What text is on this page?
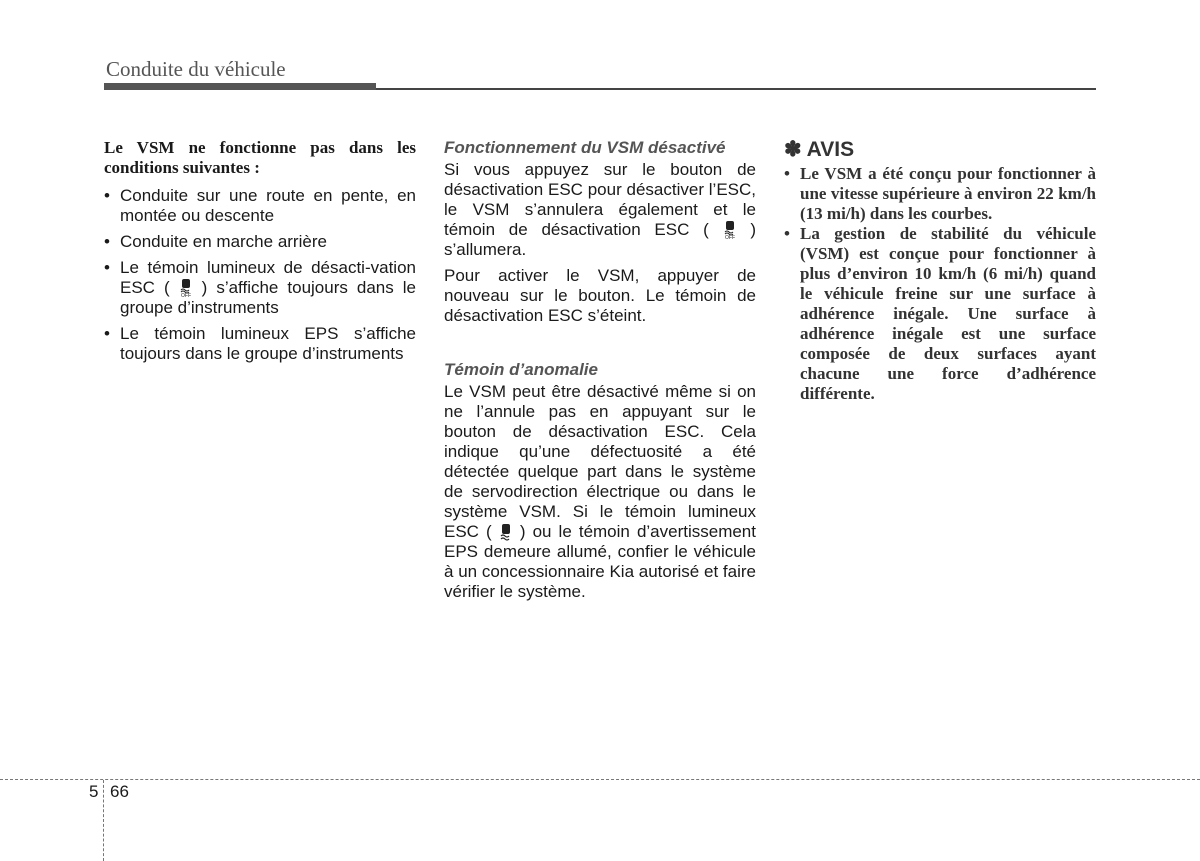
Conduite du véhicule
Le VSM ne fonctionne pas dans les conditions suivantes :
• Conduite sur une route en pente, en montée ou descente
• Conduite en marche arrière
• Le témoin lumineux de désacti-vation ESC ( OFF ) s’affiche toujours dans le groupe d’instruments
• Le témoin lumineux EPS s’affiche toujours dans le groupe d’instruments

Fonctionnement du VSM désactivé

Si vous appuyez sur le bouton de désactivation ESC pour désactiver l’ESC, le VSM s’annulera également et le témoin de désactivation ESC (	OFF ) s’allumera.

Pour activer le VSM, appuyer de nouveau sur le bouton. Le témoin de désactivation ESC s’éteint.

Témoin d’anomalie

Le VSM peut être désactivé même si on ne l’annule pas en appuyant sur le bouton de désactivation ESC. Cela indique qu’une défectuosité a été détectée quelque part dans le système de servodirection électrique ou dans le système VSM. Si le témoin lumineux ESC ( ) ou le témoin d’avertissement EPS demeure allumé, confier le véhicule à un concessionnaire Kia autorisé et faire vérifier le système.

✽ AVIS

• Le VSM a été conçu pour fonctionner à une vitesse supérieure à environ 22 km/h (13 mi/h) dans les courbes.
• La gestion de stabilité du véhicule (VSM) est conçue pour fonctionner à plus d’environ 10 km/h (6 mi/h) quand le véhicule freine sur une surface à adhérence inégale. Une surface à adhérence inégale est une surface composée de deux surfaces ayant chacune une force d’adhérence différente.
5 66
